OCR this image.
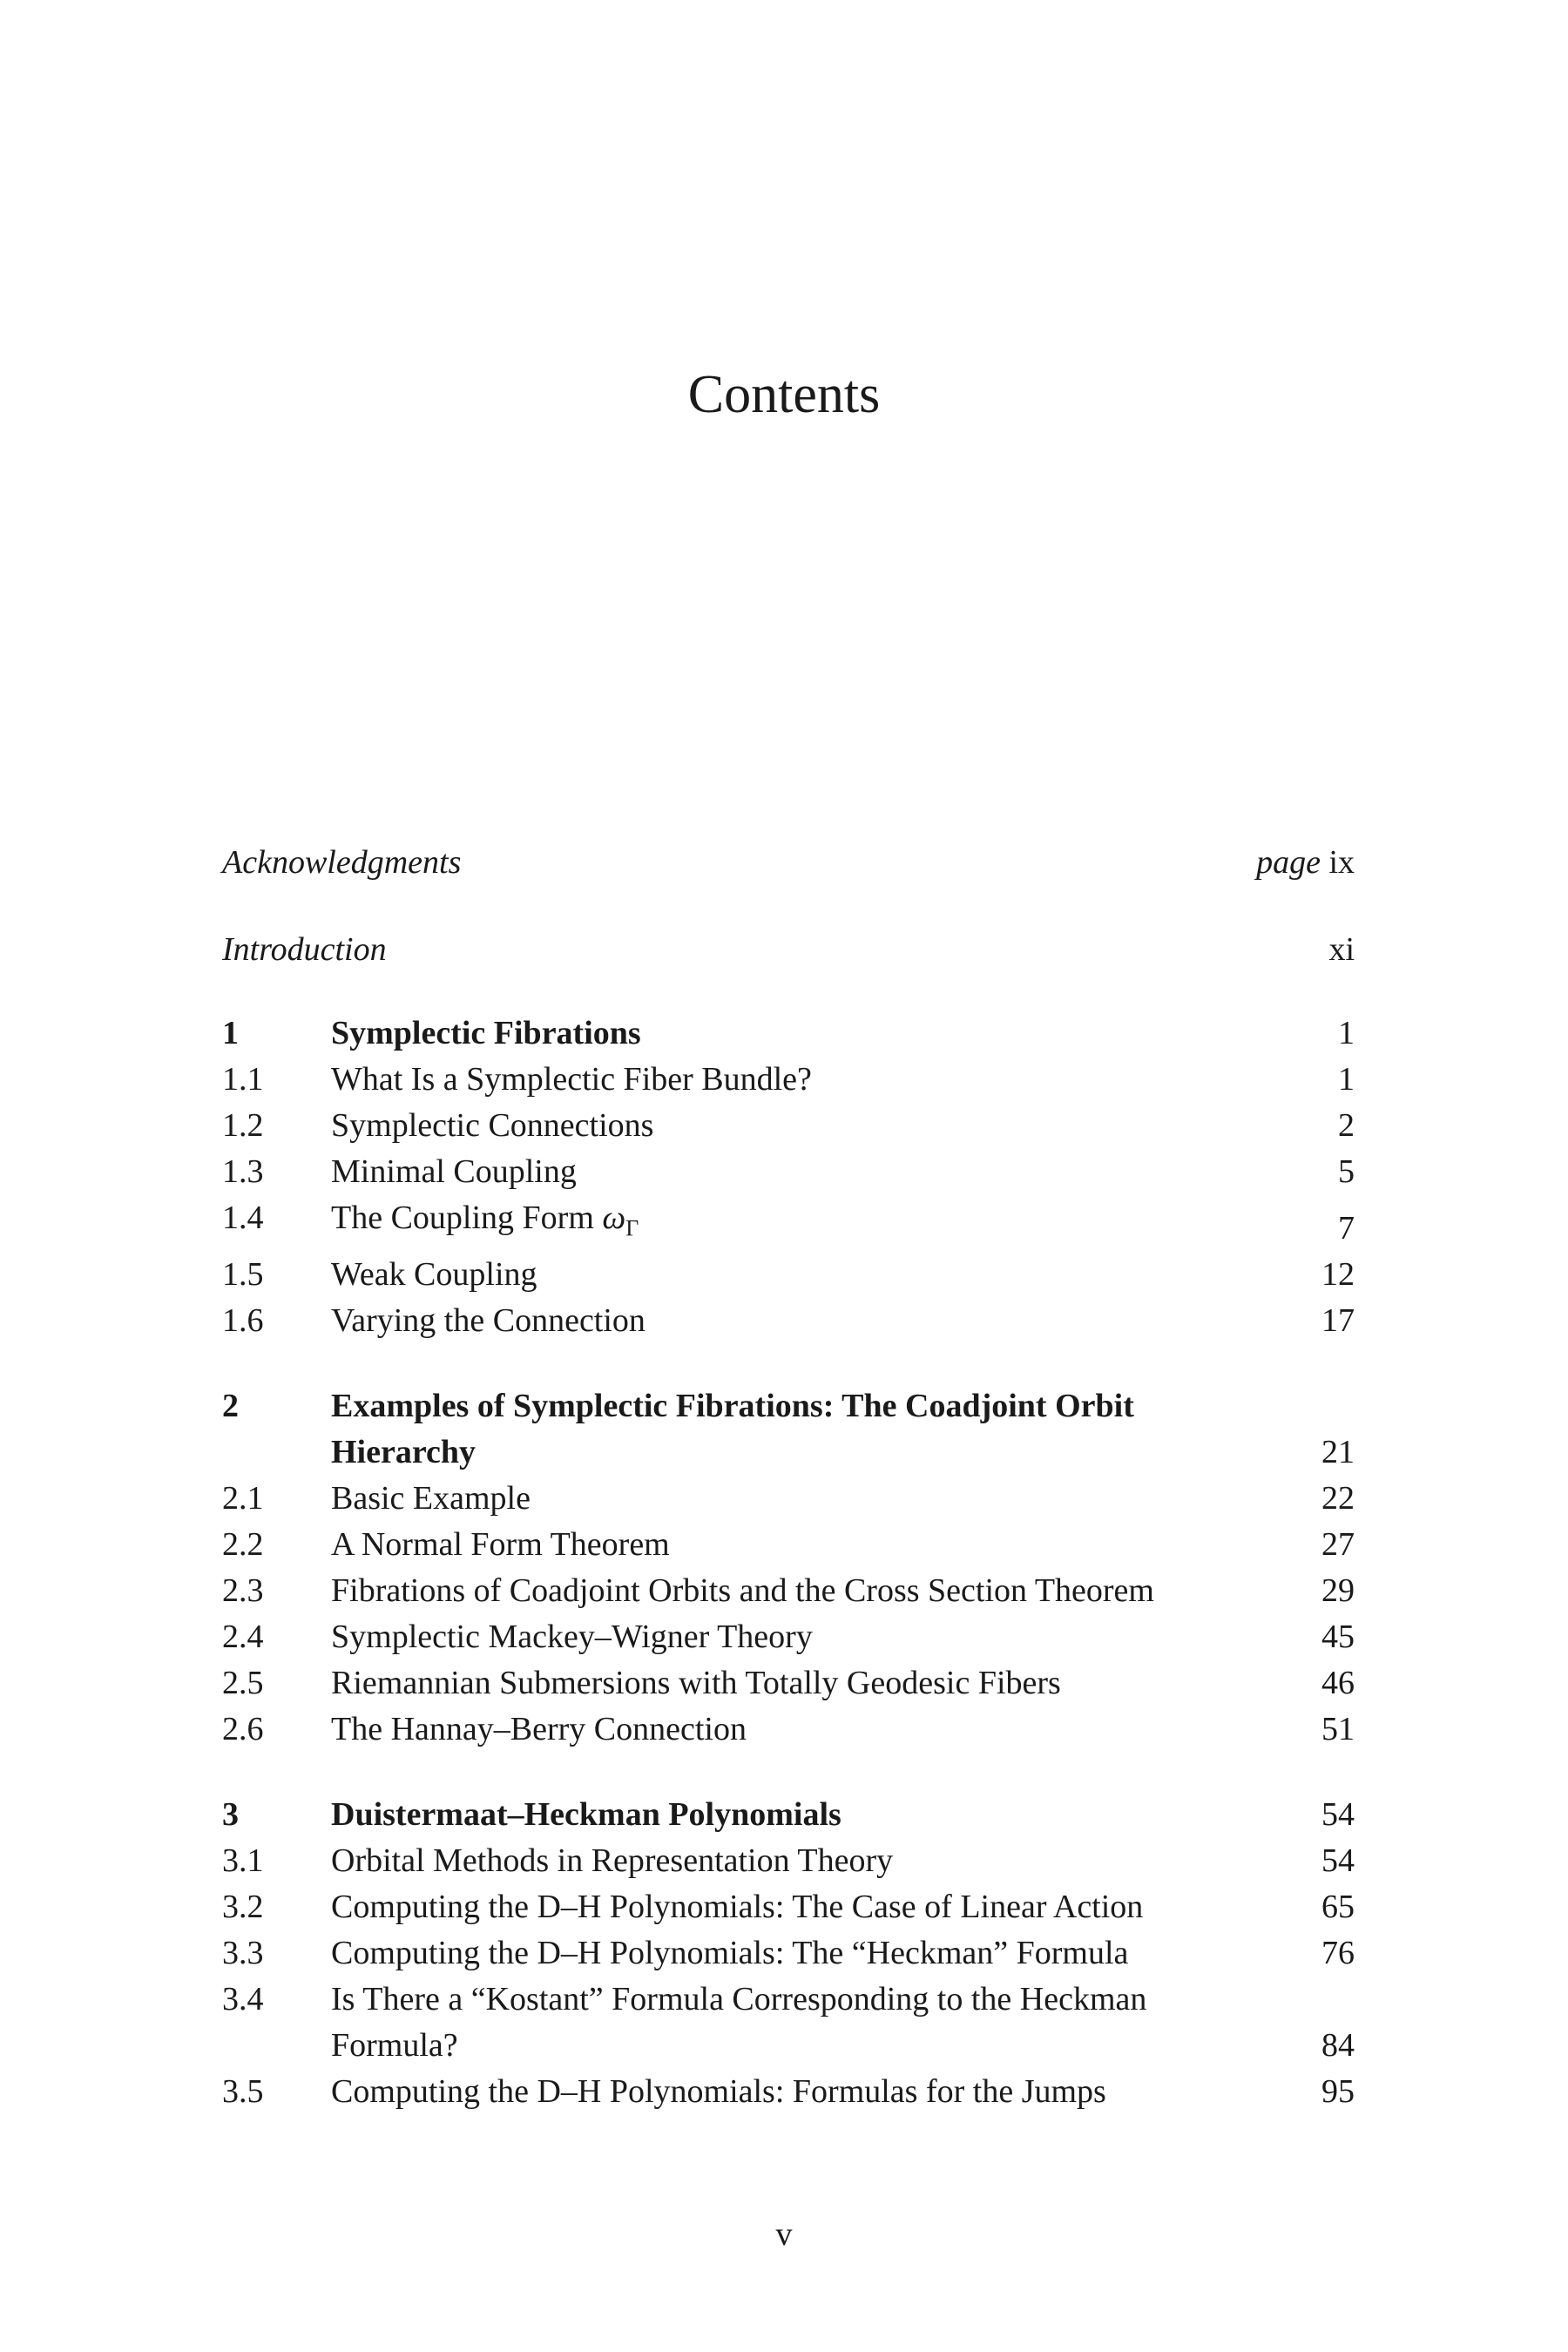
Contents
Acknowledgments	page ix
Introduction	xi
1	Symplectic Fibrations	1
1.1	What Is a Symplectic Fiber Bundle?	1
1.2	Symplectic Connections	2
1.3	Minimal Coupling	5
1.4	The Coupling Form $\omega_\Gamma$	7
1.5	Weak Coupling	12
1.6	Varying the Connection	17
2	Examples of Symplectic Fibrations: The Coadjoint Orbit Hierarchy	21
2.1	Basic Example	22
2.2	A Normal Form Theorem	27
2.3	Fibrations of Coadjoint Orbits and the Cross Section Theorem	29
2.4	Symplectic Mackey–Wigner Theory	45
2.5	Riemannian Submersions with Totally Geodesic Fibers	46
2.6	The Hannay–Berry Connection	51
3	Duistermaat–Heckman Polynomials	54
3.1	Orbital Methods in Representation Theory	54
3.2	Computing the D–H Polynomials: The Case of Linear Action	65
3.3	Computing the D–H Polynomials: The “Heckman” Formula	76
3.4	Is There a “Kostant” Formula Corresponding to the Heckman Formula?	84
3.5	Computing the D–H Polynomials: Formulas for the Jumps	95
v
